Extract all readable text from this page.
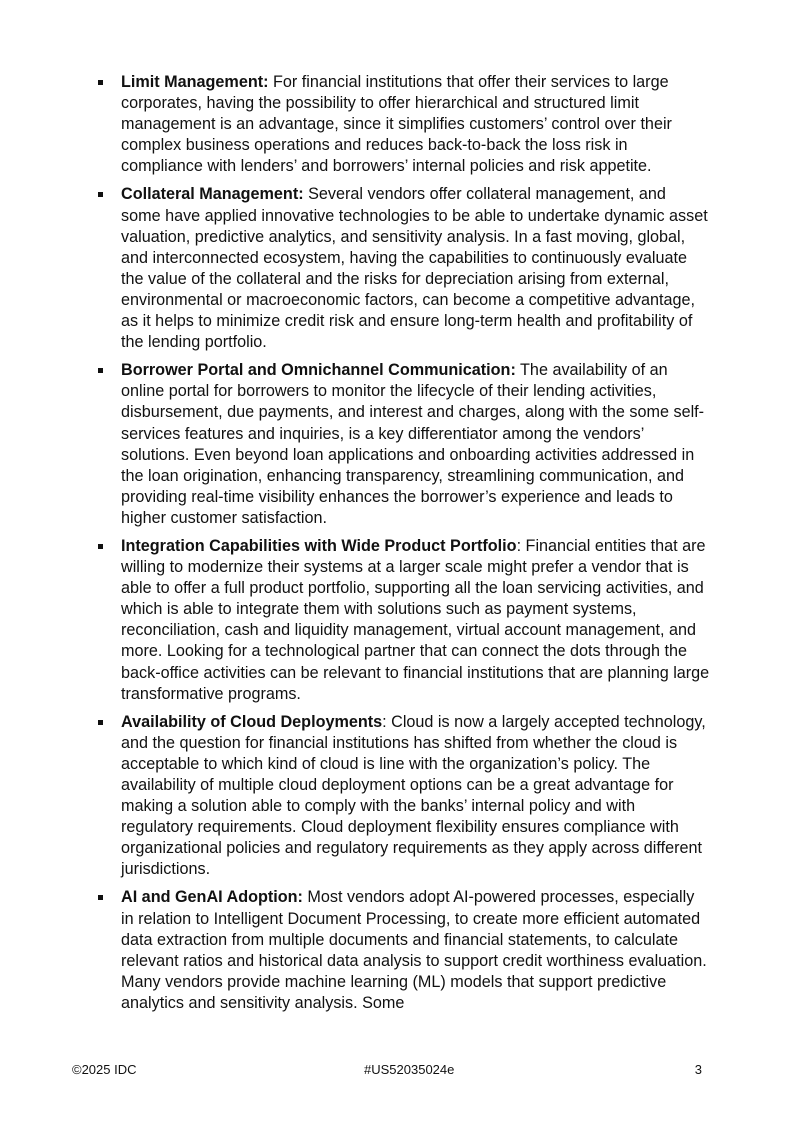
Limit Management: For financial institutions that offer their services to large corporates, having the possibility to offer hierarchical and structured limit management is an advantage, since it simplifies customers’ control over their complex business operations and reduces back-to-back the loss risk in compliance with lenders’ and borrowers’ internal policies and risk appetite.
Collateral Management: Several vendors offer collateral management, and some have applied innovative technologies to be able to undertake dynamic asset valuation, predictive analytics, and sensitivity analysis. In a fast moving, global, and interconnected ecosystem, having the capabilities to continuously evaluate the value of the collateral and the risks for depreciation arising from external, environmental or macroeconomic factors, can become a competitive advantage, as it helps to minimize credit risk and ensure long-term health and profitability of the lending portfolio.
Borrower Portal and Omnichannel Communication: The availability of an online portal for borrowers to monitor the lifecycle of their lending activities, disbursement, due payments, and interest and charges, along with the some self-services features and inquiries, is a key differentiator among the vendors’ solutions. Even beyond loan applications and onboarding activities addressed in the loan origination, enhancing transparency, streamlining communication, and providing real-time visibility enhances the borrower’s experience and leads to higher customer satisfaction.
Integration Capabilities with Wide Product Portfolio: Financial entities that are willing to modernize their systems at a larger scale might prefer a vendor that is able to offer a full product portfolio, supporting all the loan servicing activities, and which is able to integrate them with solutions such as payment systems, reconciliation, cash and liquidity management, virtual account management, and more. Looking for a technological partner that can connect the dots through the back-office activities can be relevant to financial institutions that are planning large transformative programs.
Availability of Cloud Deployments: Cloud is now a largely accepted technology, and the question for financial institutions has shifted from whether the cloud is acceptable to which kind of cloud is line with the organization’s policy. The availability of multiple cloud deployment options can be a great advantage for making a solution able to comply with the banks’ internal policy and with regulatory requirements. Cloud deployment flexibility ensures compliance with organizational policies and regulatory requirements as they apply across different jurisdictions.
AI and GenAI Adoption: Most vendors adopt AI-powered processes, especially in relation to Intelligent Document Processing, to create more efficient automated data extraction from multiple documents and financial statements, to calculate relevant ratios and historical data analysis to support credit worthiness evaluation. Many vendors provide machine learning (ML) models that support predictive analytics and sensitivity analysis. Some
©2025 IDC	#US52035024e	3
